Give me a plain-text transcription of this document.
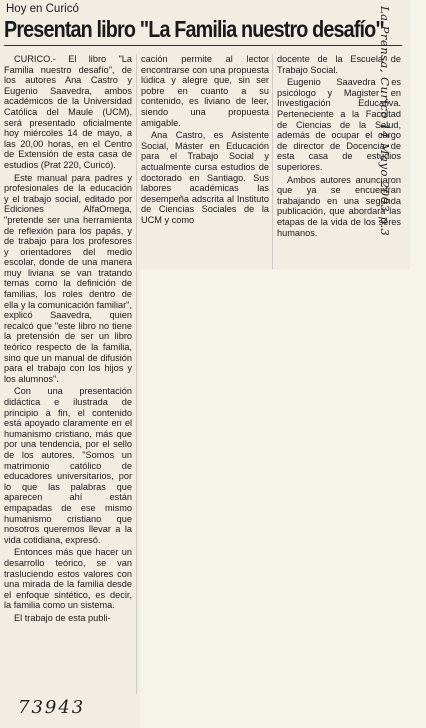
Hoy en Curicó
Presentan libro "La Familia nuestro desafío"

CURICO.- El libro "La Familia nuestro desafío", de los autores Ana Castro y Eugenio Saavedra, ambos académicos de la Universidad Católica del Maule (UCM), será presentado oficialmente hoy miércoles 14 de mayo, a las 20,00 horas, en el Centro de Extensión de esta casa de estudios (Prat 220, Curicó).

Este manual para padres y profesionales de la educación y el trabajo social, editado por Ediciones AlfaOmega, "pretende ser una herramienta de reflexión para los papás, y de trabajo para los profesores y orientadores del medio escolar, donde de una manera muy liviana se van tratando temas como la definición de familias, los roles dentro de ella y la comunicación familiar", explicó Saavedra, quien recalcó que "este libro no tiene la pretensión de ser un libro teórico respecto de la familia, sino que un manual de difusión para el trabajo con los hijos y los alumnos".

Con una presentación didáctica e ilustrada de principio a fin, el contenido está apoyado claramente en el humanismo cristiano, más que por una tendencia, por el sello de los autores. "Somos un matrimonio católico de educadores universitarios, por lo que las palabras que aparecen ahí están empapadas de ese mismo humanismo cristiano que nosotros queremos llevar a la vida cotidiana, expresó.

Entonces más que hacer un desarrollo teórico, se van trasluciendo estos valores con una mirada de la familia desde el enfoque sintético, es decir, la familia como un sistema.

El trabajo de esta publi-

cación permite al lector encontrarse con una propuesta lúdica y alegre que, sin ser pobre en cuanto a su contenido, es liviano de leer, siendo una propuesta amigable.

Ana Castro, es Asistente Social, Máster en Educación para el Trabajo Social y actualmente cursa estudios de doctorado en Santiago. Sus labores académicas las desempeña adscrita al Instituto de Ciencias Sociales de la UCM y como

docente de la Escuela de Trabajo Social.

Eugenio Saavedra es psicólogo y Magister en Investigación Educativa. Perteneciente a la Facultad de Ciencias de la Salud, además de ocupar el cargo de director de Docencia de esta casa de estudios superiores.

Ambos autores anunciaron que ya se encuentran trabajando en una segunda publicación, que abordará las etapas de la vida de los seres humanos.	La Prensa, Curico 14 Mayo 2003 p.3
73943
